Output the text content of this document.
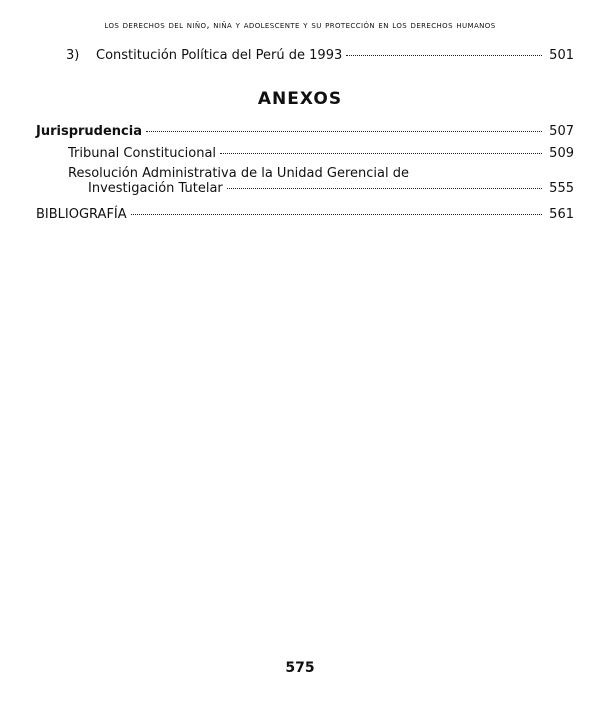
los derechos del niño, niña y adolescente y su protección en los derechos humanos
3) Constitución Política del Perú de 1993	501
ANEXOS
Jurisprudencia	507
Tribunal Constitucional	509
Resolución Administrativa de la Unidad Gerencial de
Investigación Tutelar	555
BIBLIOGRAFÍA	561
575
